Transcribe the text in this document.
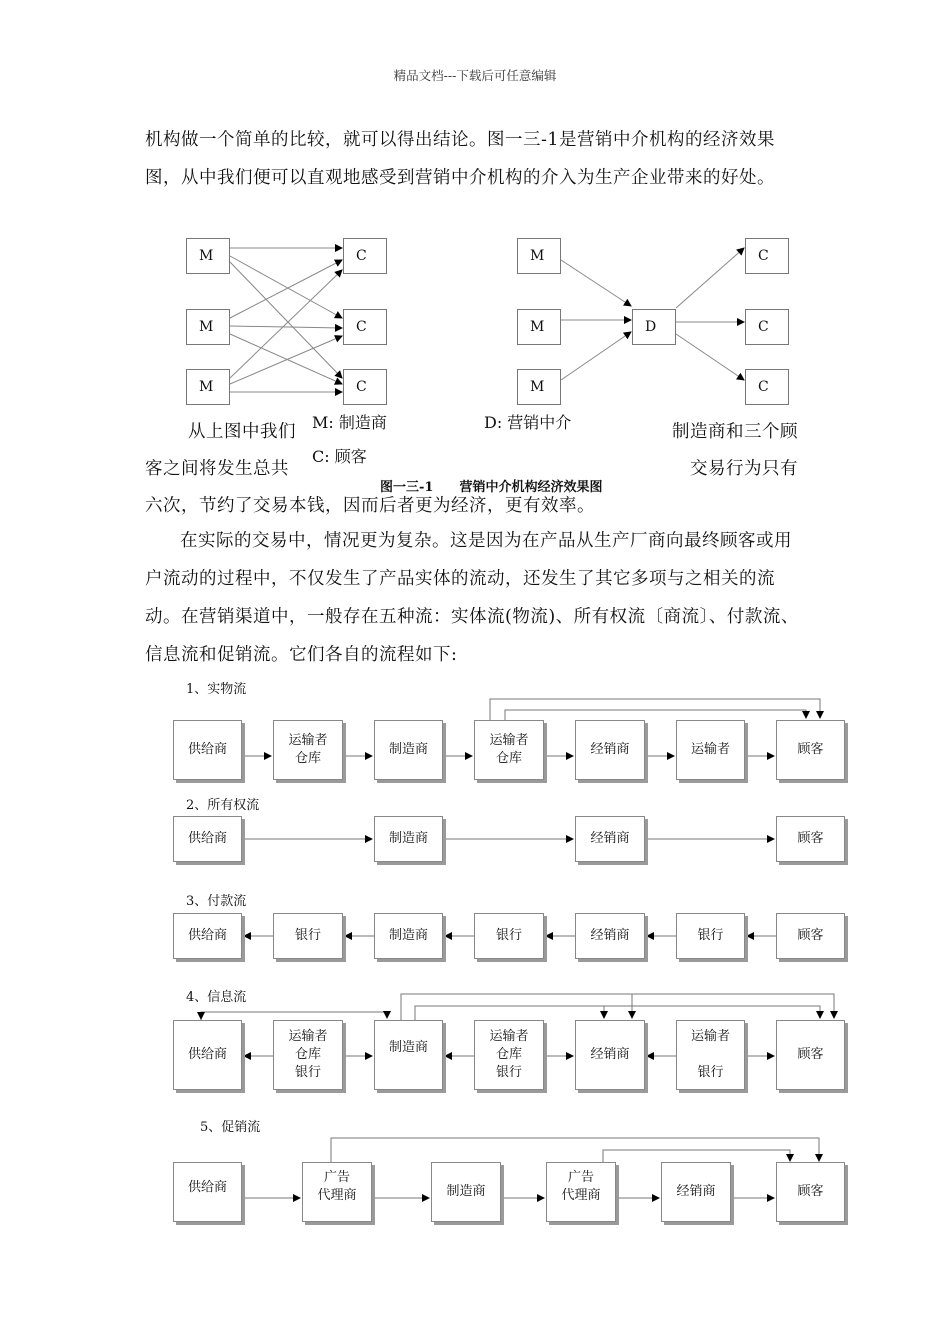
精品文档---下载后可任意编辑
机构做一个简单的比较，就可以得出结论。图一三-1是营销中介机构的经济效果图，从中我们便可以直观地感受到营销中介机构的介入为生产企业带来的好处。
M
M
M
C
C
C
M
M
M
D
C
C
C
M: 制造商
C: 顾客
D: 营销中介
从上图中我们	制造商和三个顾
客之间将发生总共
图一三-1　　营销中介机构经济效果图
交易行为只有
六次，节约了交易本钱，因而后者更为经济，更有效率。
在实际的交易中，情况更为复杂。这是因为在产品从生产厂商向最终顾客或用户流动的过程中，不仅发生了产品实体的流动，还发生了其它多项与之相关的流动。在营销渠道中，一般存在五种流：实体流(物流)、所有权流〔商流〕、付款流、信息流和促销流。它们各自的流程如下:
1、实物流
2、所有权流
3、付款流
4、信息流
5、促销流
供给商
运输者
仓库
制造商
运输者
仓库
经销商	运输者	顾客
供给商	制造商	经销商	顾客
供给商	银行	制造商	银行	经销商	银行	顾客
供给商
运输者
仓库
银行
制造商
运输者
仓库
银行
经销商
运输者

银行
顾客
供给商
广告
代理商	制造商
广告
代理商	经销商	顾客
